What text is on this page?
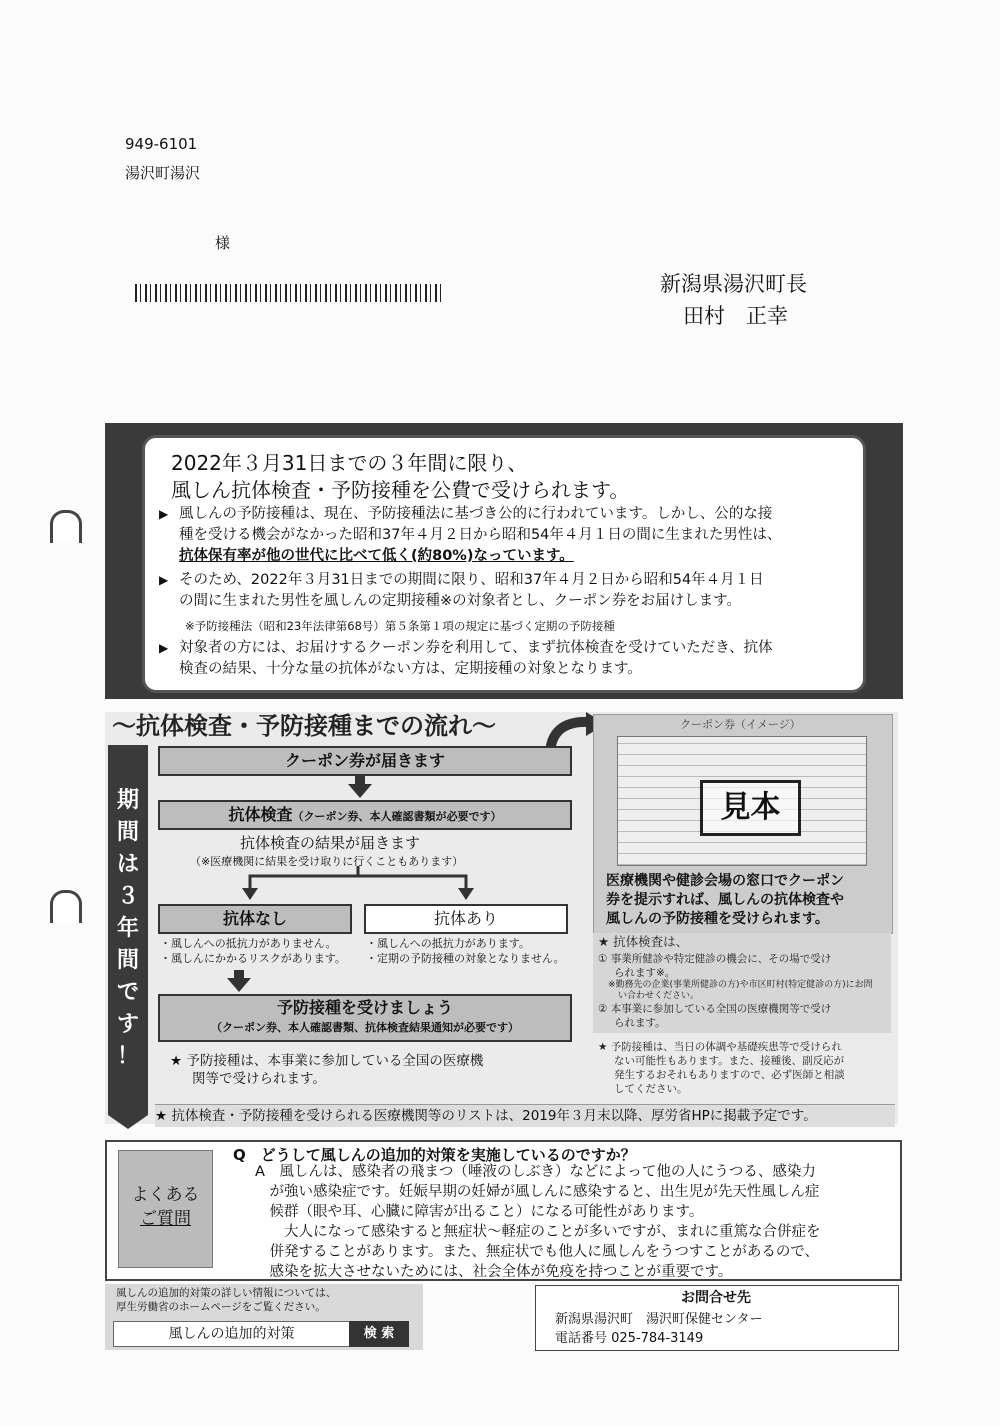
949-6101
湯沢町湯沢
様
新潟県湯沢町長
田村　正幸
2022年３月31日までの３年間に限り、
風しん抗体検査・予防接種を公費で受けられます。
▶ 風しんの予防接種は、現在、予防接種法に基づき公的に行われています。しかし、公的な接
種を受ける機会がなかった昭和37年４月２日から昭和54年４月１日の間に生まれた男性は、
抗体保有率が他の世代に比べて低く(約80%)なっています。
▶ そのため、2022年３月31日までの期間に限り、昭和37年４月２日から昭和54年４月１日
の間に生まれた男性を風しんの定期接種※の対象者とし、クーポン券をお届けします。
※予防接種法（昭和23年法律第68号）第５条第１項の規定に基づく定期の予防接種
▶ 対象者の方には、お届けするクーポン券を利用して、まず抗体検査を受けていただき、抗体
検査の結果、十分な量の抗体がない方は、定期接種の対象となります。
～抗体検査・予防接種までの流れ～
期
間
は
３
年
間
で
す
！
クーポン券が届きます
抗体検査（クーポン券、本人確認書類が必要です）
抗体検査の結果が届きます
（※医療機関に結果を受け取りに行くこともあります）
抗体なし	抗体あり
・風しんへの抵抗力がありません。
・風しんにかかるリスクがあります。
・風しんへの抵抗力があります。
・定期の予防接種の対象となりません。
予防接種を受けましょう
（クーポン券、本人確認書類、抗体検査結果通知が必要です）
★ 予防接種は、本事業に参加している全国の医療機
関等で受けられます。
クーポン券（イメージ）
見本
医療機関や健診会場の窓口でクーポン
券を提示すれば、風しんの抗体検査や
風しんの予防接種を受けられます。
★ 抗体検査は、
① 事業所健診や特定健診の機会に、その場で受け
られます※。
※勤務先の企業(事業所健診の方)や市区町村(特定健診の方)にお問
い合わせください。
② 本事業に参加している全国の医療機関等で受け
られます。
★ 予防接種は、当日の体調や基礎疾患等で受けられ
ない可能性もあります。また、接種後、副反応が
発生するおそれもありますので、必ず医師と相談
してください。
★ 抗体検査・予防接種を受けられる医療機関等のリストは、2019年３月末以降、厚労省HPに掲載予定です。
よくある
ご質問
Q　どうして風しんの追加的対策を実施しているのですか？
A　風しんは、感染者の飛まつ（唾液のしぶき）などによって他の人にうつる、感染力
　が強い感染症です。妊娠早期の妊婦が風しんに感染すると、出生児が先天性風しん症
　候群（眼や耳、心臓に障害が出ること）になる可能性があります。
　　大人になって感染すると無症状～軽症のことが多いですが、まれに重篤な合併症を
　併発することがあります。また、無症状でも他人に風しんをうつすことがあるので、
　感染を拡大させないためには、社会全体が免疫を持つことが重要です。
風しんの追加的対策の詳しい情報については、
厚生労働省のホームページをご覧ください。
風しんの追加的対策	検 索
お問合せ先
新潟県湯沢町　湯沢町保健センター
電話番号 025-784-3149
